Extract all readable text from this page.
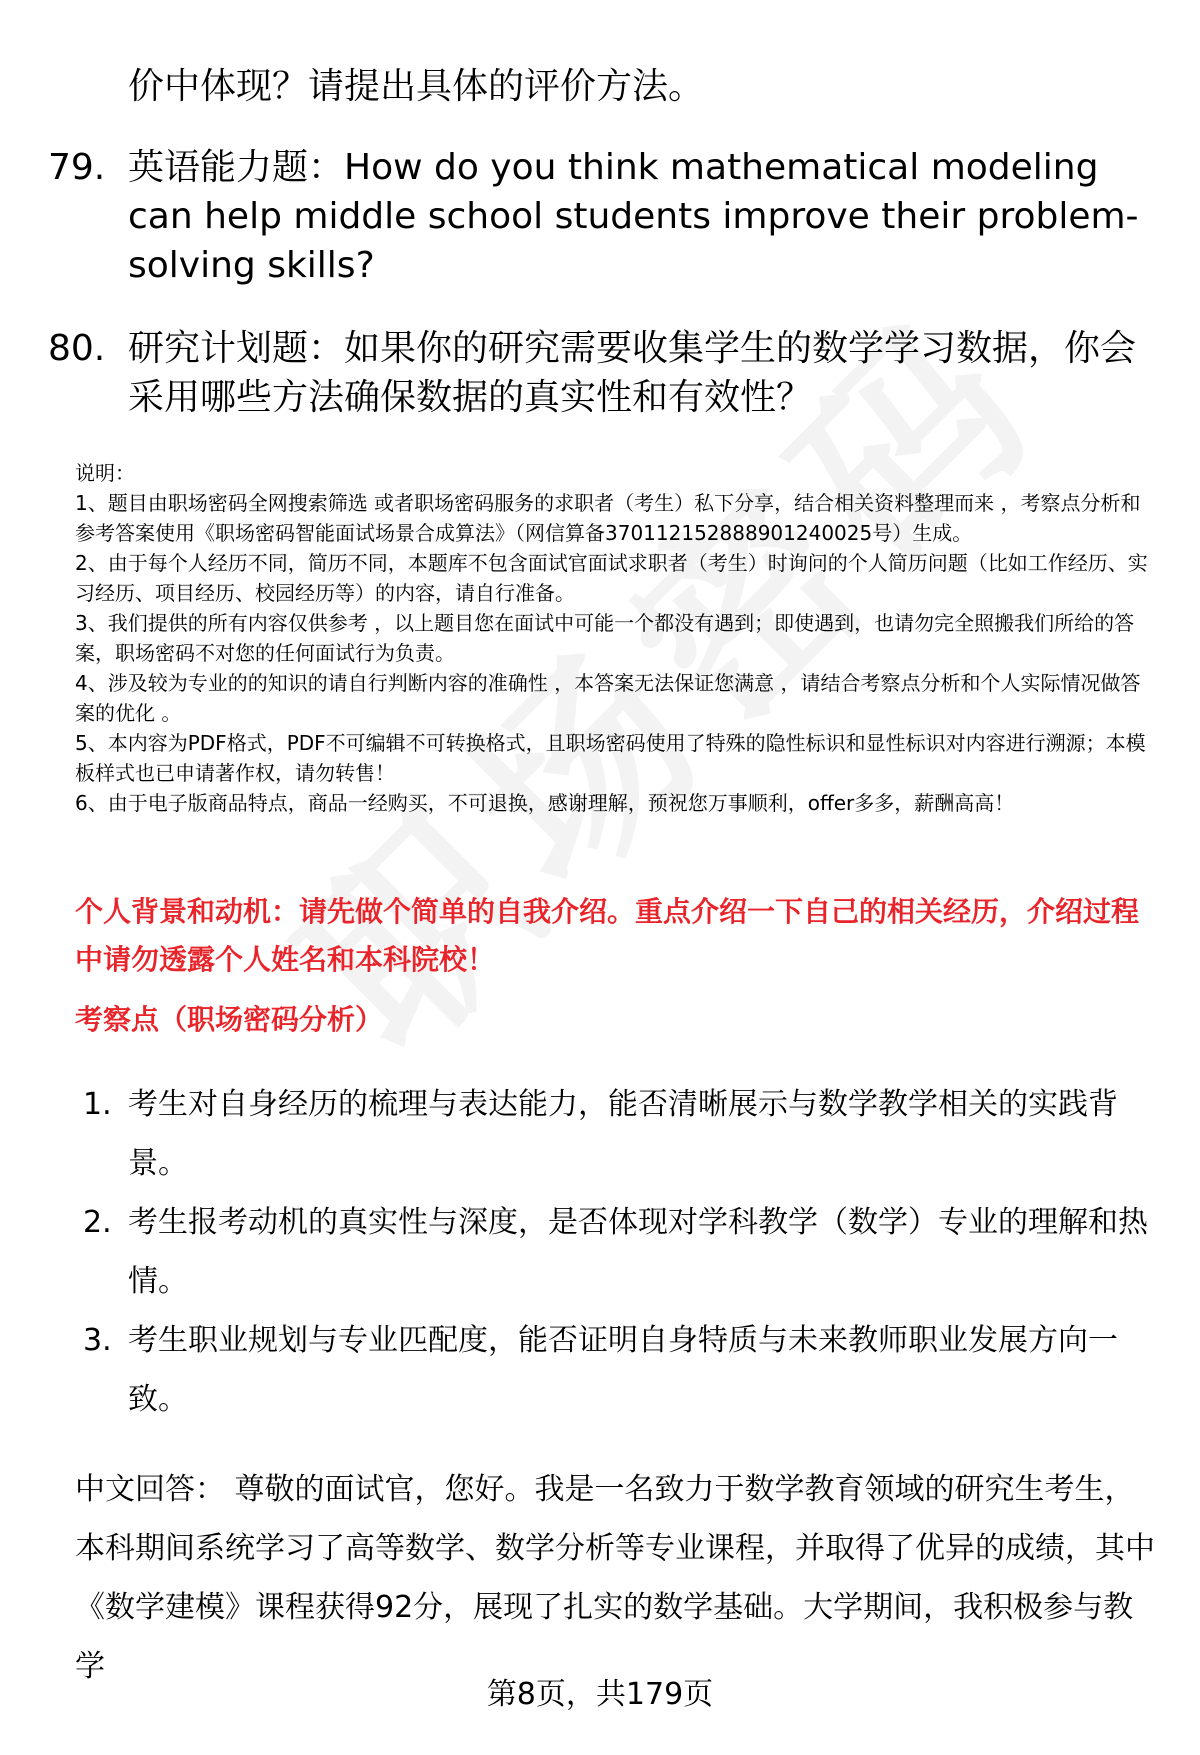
价中体现？请提出具体的评价方法。
79. 英语能力题：How do you think mathematical modeling can help middle school students improve their problem-solving skills?
80. 研究计划题：如果你的研究需要收集学生的数学学习数据，你会采用哪些方法确保数据的真实性和有效性？

说明：

1、题目由职场密码全网搜索筛选 或者职场密码服务的求职者（考生）私下分享，结合相关资料整理而来 ，考察点分析和参考答案使用《职场密码智能面试场景合成算法》（网信算备370112152888901240025号）生成。

2、由于每个人经历不同，简历不同，本题库不包含面试官面试求职者（考生）时询问的个人简历问题（比如工作经历、实习经历、项目经历、校园经历等）的内容，请自行准备。

3、我们提供的所有内容仅供参考 ，以上题目您在面试中可能一个都没有遇到；即使遇到，也请勿完全照搬我们所给的答案，职场密码不对您的任何面试行为负责。

4、涉及较为专业的的知识的请自行判断内容的准确性 ，本答案无法保证您满意 ，请结合考察点分析和个人实际情况做答案的优化 。

5、本内容为PDF格式，PDF不可编辑不可转换格式，且职场密码使用了特殊的隐性标识和显性标识对内容进行溯源；本模板样式也已申请著作权，请勿转售！

6、由于电子版商品特点，商品一经购买，不可退换，感谢理解，预祝您万事顺利，offer多多，薪酬高高！

个人背景和动机：请先做个简单的自我介绍。重点介绍一下自己的相关经历，介绍过程中请勿透露个人姓名和本科院校！
考察点（职场密码分析）
1. 考生对自身经历的梳理与表达能力，能否清晰展示与数学教学相关的实践背景。
2. 考生报考动机的真实性与深度，是否体现对学科教学（数学）专业的理解和热情。
3. 考生职业规划与专业匹配度，能否证明自身特质与未来教师职业发展方向一致。
中文回答： 尊敬的面试官，您好。我是一名致力于数学教育领域的研究生考生，本科期间系统学习了高等数学、数学分析等专业课程，并取得了优异的成绩，其中《数学建模》课程获得92分，展现了扎实的数学基础。大学期间，我积极参与教学
第8页，共179页
